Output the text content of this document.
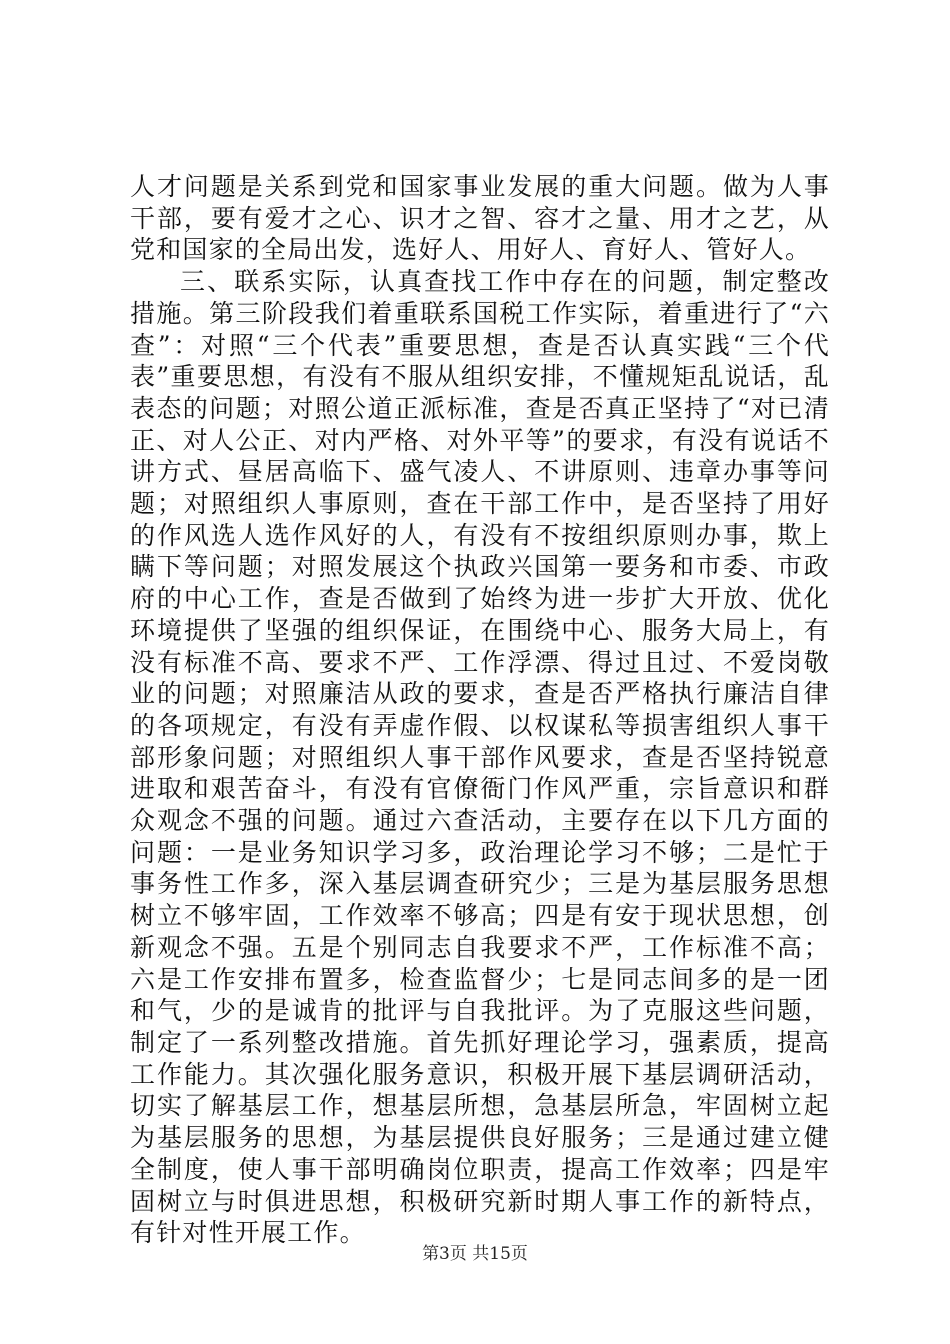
人才问题是关系到党和国家事业发展的重大问题。做为人事干部，要有爱才之心、识才之智、容才之量、用才之艺，从党和国家的全局出发，选好人、用好人、育好人、管好人。

三、联系实际，认真查找工作中存在的问题，制定整改措施。第三阶段我们着重联系国税工作实际，着重进行了“六查”：对照“三个代表”重要思想，查是否认真实践“三个代表”重要思想，有没有不服从组织安排，不懂规矩乱说话，乱表态的问题；对照公道正派标准，查是否真正坚持了“对已清正、对人公正、对内严格、对外平等”的要求，有没有说话不讲方式、昼居高临下、盛气凌人、不讲原则、违章办事等问题；对照组织人事原则，查在干部工作中，是否坚持了用好的作风选人选作风好的人，有没有不按组织原则办事，欺上瞒下等问题；对照发展这个执政兴国第一要务和市委、市政府的中心工作，查是否做到了始终为进一步扩大开放、优化环境提供了坚强的组织保证，在围绕中心、服务大局上，有没有标准不高、要求不严、工作浮漂、得过且过、不爱岗敬业的问题；对照廉洁从政的要求，查是否严格执行廉洁自律的各项规定，有没有弄虚作假、以权谋私等损害组织人事干部形象问题；对照组织人事干部作风要求，查是否坚持锐意进取和艰苦奋斗，有没有官僚衙门作风严重，宗旨意识和群众观念不强的问题。通过六查活动，主要存在以下几方面的问题：一是业务知识学习多，政治理论学习不够；二是忙于事务性工作多，深入基层调查研究少；三是为基层服务思想树立不够牢固，工作效率不够高；四是有安于现状思想，创新观念不强。五是个别同志自我要求不严，工作标准不高；六是工作安排布置多，检查监督少；七是同志间多的是一团和气，少的是诚肯的批评与自我批评。为了克服这些问题，制定了一系列整改措施。首先抓好理论学习，强素质，提高工作能力。其次强化服务意识，积极开展下基层调研活动，切实了解基层工作，想基层所想，急基层所急，牢固树立起为基层服务的思想，为基层提供良好服务；三是通过建立健全制度，使人事干部明确岗位职责，提高工作效率；四是牢固树立与时俱进思想，积极研究新时期人事工作的新特点，有针对性开展工作。

第3页 共15页
